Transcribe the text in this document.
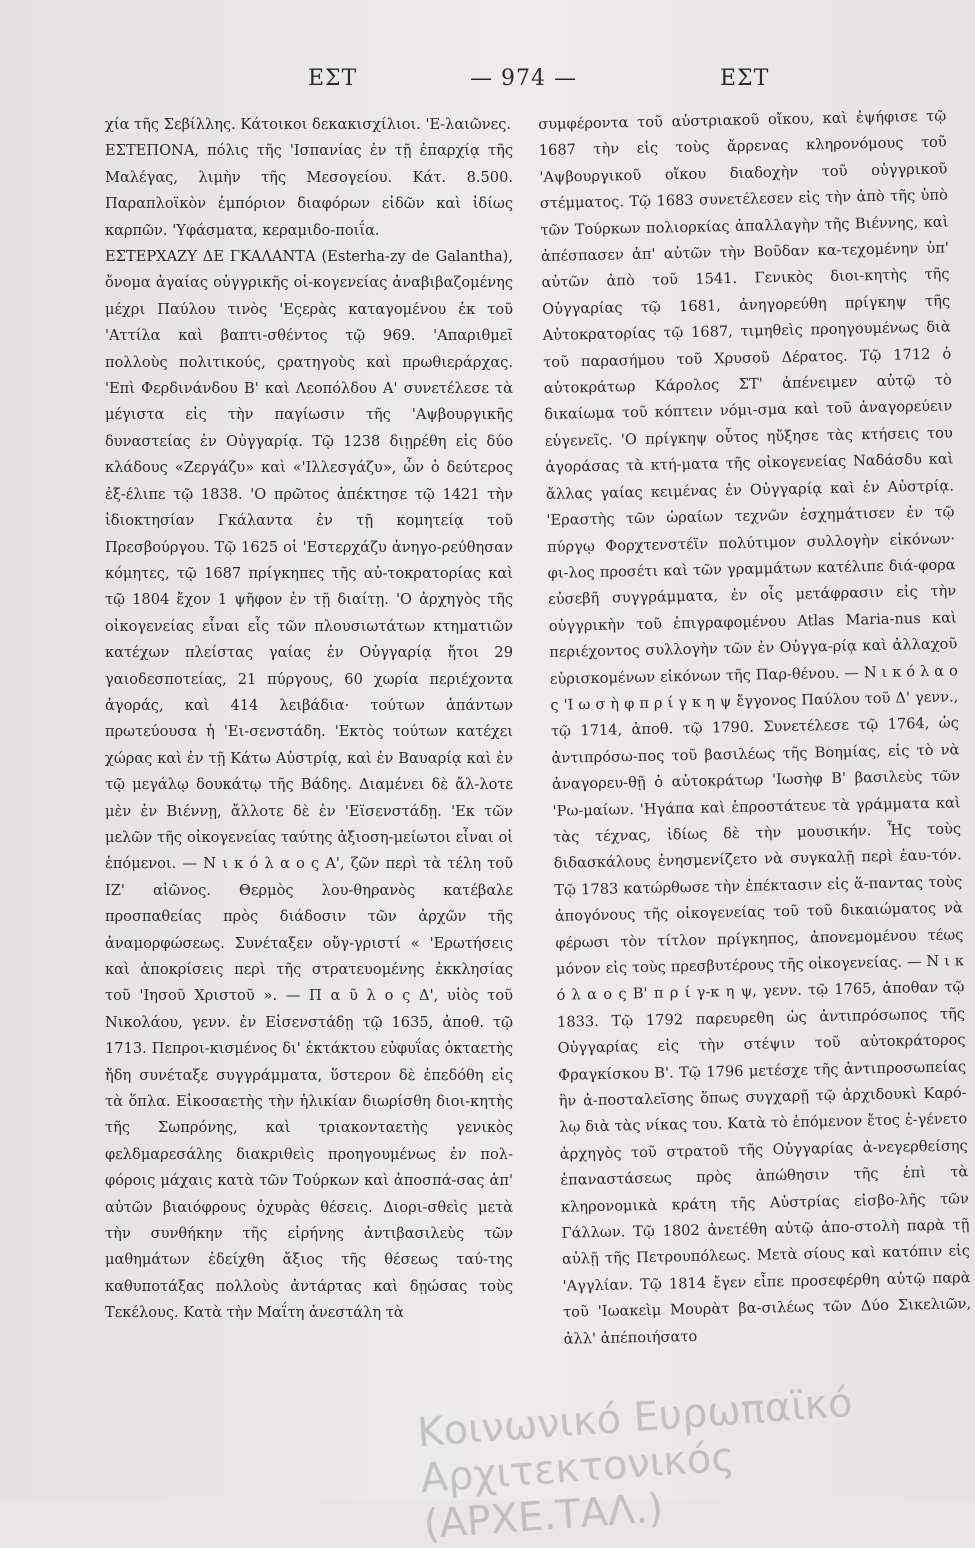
ΕΣΤ	— 974 —	ΕΣΤ

χία τῆς Σεβίλλης. Κάτοικοι δεκακισχίλιοι. 'Ε-λαιῶνες.

ΕΣΤΕΠΟΝΑ, πόλις τῆς 'Ισπανίας ἐν τῇ ἐπαρχίᾳ τῆς Μαλέγας, λιμὴν τῆς Μεσογείου. Κάτ. 8.500. Παραπλοϊκὸν ἐμπόριον διαφόρων εἰδῶν καὶ ἰδίως καρπῶν. 'Υφάσματα, κεραμιδο-ποιΐα.

ΕΣΤΕΡΧΑΖΥ ΔΕ ΓΚΑΛΑΝΤΑ (Esterha-zy de Galantha), ὄνομα ἀγαίας οὐγγρικῆς οἰ-κογενείας ἀναβιβαζομένης μέχρι Παύλου τινὸς 'Εςερὰς καταγομένου ἐκ τοῦ 'Αττίλα καὶ βαπτι-σθέντος τῷ 969. 'Απαριθμεῖ πολλοὺς πολιτικούς, ςρατηγοὺς καὶ πρωθιεράρχας. 'Επὶ Φερδινάνδου Β' καὶ Λεοπόλδου Α' συνετέλεσε τὰ μέγιστα εἰς τὴν παγίωσιν τῆς 'Αψβουργικῆς δυναστείας ἐν Οὐγγαρίᾳ. Τῷ 1238 διῃρέθη εἰς δύο κλάδους «Ζεργάζυ» καὶ «'Ιλλεσγάζυ», ὧν ὁ δεύτερος ἐξ-έλιπε τῷ 1838. 'Ο πρῶτος ἀπέκτησε τῷ 1421 τὴν ἰδιοκτησίαν Γκάλαντα ἐν τῇ κομητείᾳ τοῦ Πρεσβούργου. Τῷ 1625 οἱ 'Εστερχάζυ ἀνηγο-ρεύθησαν κόμητες, τῷ 1687 πρίγκηπες τῆς αὐ-τοκρατορίας καὶ τῷ 1804 ἔχον 1 ψῆφον ἐν τῇ διαίτῃ. 'Ο ἀρχηγὸς τῆς οἰκογενείας εἶναι εἷς τῶν πλουσιωτάτων κτηματιῶν κατέχων πλείστας γαίας ἐν Οὐγγαρίᾳ ἤτοι 29 γαιοδεσποτείας, 21 πύργους, 60 χωρία περιέχοντα ἀγοράς, καὶ 414 λειβάδια· τούτων ἁπάντων πρωτεύουσα ἡ 'Ει-σενστάδη. 'Εκτὸς τούτων κατέχει χώρας καὶ ἐν τῇ Κάτω Αὐστρίᾳ, καὶ ἐν Βαυαρίᾳ καὶ ἐν τῷ μεγάλῳ δουκάτῳ τῆς Βάδης. Διαμένει δὲ ἄλ-λοτε μὲν ἐν Βιέννῃ, ἄλλοτε δὲ ἐν 'Εϊσενστάδῃ. 'Εκ τῶν μελῶν τῆς οἰκογενείας ταύτης ἀξιοση-μείωτοι εἶναι οἱ ἑπόμενοι. — Ν ι κ ό λ α ο ς Α', ζῶν περὶ τὰ τέλη τοῦ ΙΖ' αἰῶνος. Θερμὸς λου-θηρανὸς κατέβαλε προσπαθείας πρὸς διάδοσιν τῶν ἀρχῶν τῆς ἀναμορφώσεως. Συνέταξεν οὔγ-γριστί « 'Ερωτήσεις καὶ ἀποκρίσεις περὶ τῆς στρατευομένης ἐκκλησίας τοῦ 'Ιησοῦ Χριστοῦ ». — Π α ῦ λ ο ς Δ', υἱὸς τοῦ Νικολάου, γενν. ἐν Εἰσενστάδῃ τῷ 1635, ἀποθ. τῷ 1713. Πεπροι-κισμένος δι' ἐκτάκτου εὐφυΐας ὀκταετὴς ἤδη συνέταξε συγγράμματα, ὕστερον δὲ ἐπεδόθη εἰς τὰ ὅπλα. Εἰκοσαετὴς τὴν ἡλικίαν διωρίσθη διοι-κητὴς τῆς Σωπρόνης, καὶ τριακονταετὴς γενικὸς φελδμαρεσάλης διακριθεὶς προηγουμένως ἐν πολ-φόροις μάχαις κατὰ τῶν Τούρκων καὶ ἀποσπά-σας ἀπ' αὐτῶν βιαιόφρους ὀχυρὰς θέσεις. Διορι-σθεὶς μετὰ τὴν συνθήκην τῆς εἰρήνης ἀντιβασιλεὺς τῶν μαθημάτων ἐδείχθη ἄξιος τῆς θέσεως ταύ-της καθυποτάξας πολλοὺς ἀντάρτας καὶ δῃώσας τοὺς Τεκέλους. Κατὰ τὴν Μαΐτη ἀνεστάλη τὰ

συμφέροντα τοῦ αὐστριακοῦ οἴκου, καὶ ἐψήφισε τῷ 1687 τὴν εἰς τοὺς ἄρρενας κληρονόμους τοῦ 'Αψβουργικοῦ οἴκου διαδοχὴν τοῦ οὐγγρικοῦ στέμματος. Τῷ 1683 συνετέλεσεν εἰς τὴν ἀπὸ τῆς ὑπὸ τῶν Τούρκων πολιορκίας ἀπαλλαγὴν τῆς Βιέννης, καὶ ἀπέσπασεν ἀπ' αὐτῶν τὴν Βοῦδαν κα-τεχομένην ὑπ' αὐτῶν ἀπὸ τοῦ 1541. Γενικὸς διοι-κητὴς τῆς Οὐγγαρίας τῷ 1681, ἀνηγορεύθη πρίγκηψ τῆς Αὐτοκρατορίας τῷ 1687, τιμηθεὶς προηγουμένως διὰ τοῦ παρασήμου τοῦ Χρυσοῦ Δέρατος. Τῷ 1712 ὁ αὐτοκράτωρ Κάρολος ΣΤ' ἀπένειμεν αὐτῷ τὸ δικαίωμα τοῦ κόπτειν νόμι-σμα καὶ τοῦ ἀναγορεύειν εὐγενεῖς. 'Ο πρίγκηψ οὗτος ηὔξησε τὰς κτήσεις του ἀγοράσας τὰ κτή-ματα τῆς οἰκογενείας Ναδάσδυ καὶ ἄλλας γαίας κειμένας ἐν Οὐγγαρίᾳ καὶ ἐν Αὐστρίᾳ. 'Εραστὴς τῶν ὡραίων τεχνῶν ἐσχημάτισεν ἐν τῷ πύργῳ Φορχτενστέϊν πολύτιμον συλλογὴν εἰκόνων· φι-λος προσέτι καὶ τῶν γραμμάτων κατέλιπε διά-φορα εὐσεβῆ συγγράμματα, ἐν οἷς μετάφρασιν εἰς τὴν οὐγγρικὴν τοῦ ἐπιγραφομένου Atlas Maria-nus καὶ περιέχοντος συλλογὴν τῶν ἐν Οὐγγα-ρίᾳ καὶ ἀλλαχοῦ εὑρισκομένων εἰκόνων τῆς Παρ-θένου. — Ν ι κ ό λ α ο ς 'Ι ω σ ὴ φ π ρ ί γ κ η ψ ἔγγονος Παύλου τοῦ Δ' γενν., τῷ 1714, ἀποθ. τῷ 1790. Συνετέλεσε τῷ 1764, ὡς ἀντιπρόσω-πος τοῦ βασιλέως τῆς Βοημίας, εἰς τὸ νὰ ἀναγορευ-θῇ ὁ αὐτοκράτωρ 'Ιωσὴφ Β' βασιλεὺς τῶν 'Ρω-μαίων. 'Ηγάπα καὶ ἐπροστάτευε τὰ γράμματα καὶ τὰς τέχνας, ἰδίως δὲ τὴν μουσικήν. Ἧς τοὺς διδασκάλους ἐνησμενίζετο νὰ συγκαλῇ περὶ ἑαυ-τόν. Τῷ 1783 κατώρθωσε τὴν ἐπέκτασιν εἰς ἅ-παντας τοὺς ἀπογόνους τῆς οἰκογενείας τοῦ τοῦ δικαιώματος νὰ φέρωσι τὸν τίτλον πρίγκηπος, ἀπονεμομένου τέως μόνον εἰς τοὺς πρεσβυτέρους τῆς οἰκογενείας. — Ν ι κ ό λ α ο ς Β' π ρ ί γ-κ η ψ, γενν. τῷ 1765, ἀποθαν τῷ 1833. Τῷ 1792 παρευρεθη ὡς ἀντιπρόσωπος τῆς Οὐγγαρίας εἰς τὴν στέψιν τοῦ αὐτοκράτορος Φραγκίσκου Β'. Τῷ 1796 μετέσχε τῆς ἀντιπροσωπείας ἣν ἀ-ποσταλεῖσης ὅπως συγχαρῇ τῷ ἀρχιδουκὶ Καρό-λῳ διὰ τὰς νίκας του. Κατὰ τὸ ἑπόμενον ἔτος ἐ-γένετο ἀρχηγὸς τοῦ στρατοῦ τῆς Οὐγγαρίας ἀ-νεγερθείσης ἐπαναστάσεως πρὸς ἀπώθησιν τῆς ἐπὶ τὰ κληρονομικὰ κράτη τῆς Αὐστρίας εἰσβο-λῆς τῶν Γάλλων. Τῷ 1802 ἀνετέθη αὐτῷ ἀπο-στολὴ παρὰ τῇ αὐλῇ τῆς Πετρουπόλεως. Μετὰ σίους καὶ κατόπιν εἰς 'Αγγλίαν. Τῷ 1814 ἔγεν εἶπε προσεφέρθη αὐτῷ παρὰ τοῦ 'Ιωακεὶμ Μουρὰτ βα-σιλέως τῶν Δύο Σικελιῶν, ἀλλ' ἀπέποιήσατο

Κοινωνικό Ευρωπαϊκό Αρχιτεκτονικός (ΑΡΧΕ.ΤΑΛ.)
